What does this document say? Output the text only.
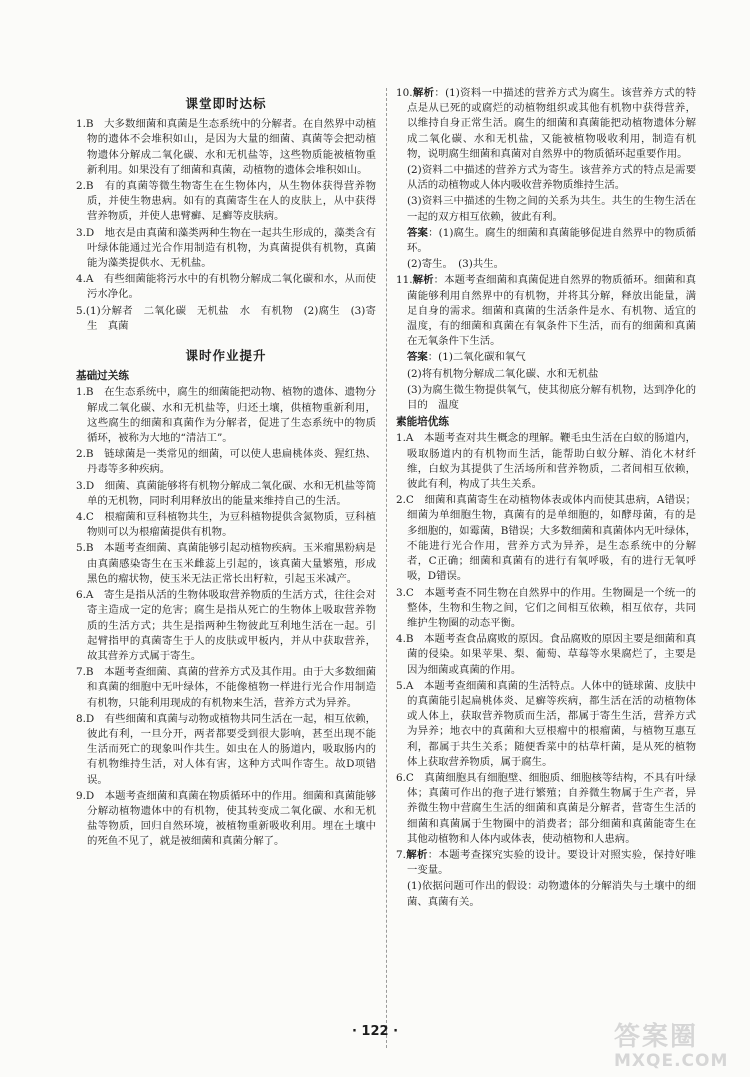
课堂即时达标

1.B　大多数细菌和真菌是生态系统中的分解者。在自然界中动植物的遗体不会堆积如山，是因为大量的细菌、真菌等会把动植物遗体分解成二氧化碳、水和无机盐等，这些物质能被植物重新利用。如果没有了细菌和真菌，动植物的遗体会堆积如山。

2.B　有的真菌等微生物寄生在生物体内，从生物体获得营养物质，并使生物患病。如有的真菌寄生在人的皮肤上，从中获得营养物质，并使人患臂癣、足癣等皮肤病。

3.D　地衣是由真菌和藻类两种生物在一起共生形成的，藻类含有叶绿体能通过光合作用制造有机物，为真菌提供有机物，真菌能为藻类提供水、无机盐。

4.A　有些细菌能将污水中的有机物分解成二氧化碳和水，从而使污水净化。

5.(1)分解者　二氧化碳　无机盐　水　有机物　(2)腐生　(3)寄生　真菌

课时作业提升
基础过关练

1.B　在生态系统中，腐生的细菌能把动物、植物的遗体、遗物分解成二氧化碳、水和无机盐等，归还土壤，供植物重新利用，这些腐生的细菌和真菌作为分解者，促进了生态系统中的物质循环，被称为大地的“清洁工”。

2.B　链球菌是一类常见的细菌，可以使人患扁桃体炎、猩红热、丹毒等多种疾病。

3.D　细菌、真菌能够将有机物分解成二氧化碳、水和无机盐等简单的无机物，同时利用释放出的能量来维持自己的生活。

4.C　根瘤菌和豆科植物共生，为豆科植物提供含氮物质，豆科植物则可以为根瘤菌提供有机物。

5.B　本题考查细菌、真菌能够引起动植物疾病。玉米瘤黑粉病是由真菌感染寄生在玉米雌蕊上引起的，该真菌大量繁殖，形成黑色的瘤状物，使玉米无法正常长出籽粒，引起玉米减产。

6.A　寄生是指从活的生物体吸取营养物质的生活方式，往往会对寄主造成一定的危害；腐生是指从死亡的生物体上吸取营养物质的生活方式；共生是指两种生物彼此互利地生活在一起。引起臂指甲的真菌寄生于人的皮肤或甲板内，并从中获取营养，故其营养方式属于寄生。

7.B　本题考查细菌、真菌的营养方式及其作用。由于大多数细菌和真菌的细胞中无叶绿体，不能像植物一样进行光合作用制造有机物，只能利用现成的有机物来生活，营养方式为异养。

8.D　有些细菌和真菌与动物或植物共同生活在一起，相互依赖，彼此有利，一旦分开，两者都要受到很大影响，甚至出现不能生活而死亡的现象叫作共生。如虫在人的肠道内，吸取肠内的有机物维持生活，对人体有害，这种方式叫作寄生。故D项错误。

9.D　本题考查细菌和真菌在物质循环中的作用。细菌和真菌能够分解动植物遗体中的有机物，使其转变成二氧化碳、水和无机盐等物质，回归自然环境，被植物重新吸收利用。埋在土壤中的死鱼不见了，就是被细菌和真菌分解了。

10.解析：(1)资料一中描述的营养方式为腐生。该营养方式的特点是从已死的或腐烂的动植物组织或其他有机物中获得营养，以维持自身正常生活。腐生的细菌和真菌能把动植物遗体分解成二氧化碳、水和无机盐，又能被植物吸收利用，制造有机物，说明腐生细菌和真菌对自然界中的物质循环起重要作用。

(2)资料二中描述的营养方式为寄生。该营养方式的特点是需要从活的动植物或人体内吸收营养物质维持生活。

(3)资料三中描述的生物之间的关系为共生。共生的生物生活在一起的双方相互依赖，彼此有利。

答案：(1)腐生。腐生的细菌和真菌能够促进自然界中的物质循环。

(2)寄生。　(3)共生。

11.解析：本题考查细菌和真菌促进自然界的物质循环。细菌和真菌能够利用自然界中的有机物，并将其分解，释放出能量，满足自身的需求。细菌和真菌的生活条件是水、有机物、适宜的温度，有的细菌和真菌在有氧条件下生活，而有的细菌和真菌在无氧条件下生活。

答案：(1)二氧化碳和氧气

(2)将有机物分解成二氧化碳、水和无机盐

(3)为腐生微生物提供氧气，使其彻底分解有机物，达到净化的目的　温度

素能培优练

1.A　本题考查对共生概念的理解。鞭毛虫生活在白蚁的肠道内，吸取肠道内的有机物而生活，能帮助白蚁分解、消化木材纤维，白蚁为其提供了生活场所和营养物质，二者间相互依赖，彼此有利，构成了共生关系。

2.C　细菌和真菌寄生在动植物体表或体内而使其患病，A错误；细菌为单细胞生物，真菌有的是单细胞的，如酵母菌，有的是多细胞的，如霉菌，B错误；大多数细菌和真菌体内无叶绿体，不能进行光合作用，营养方式为异养，是生态系统中的分解者，C正确；细菌和真菌有的进行有氧呼吸，有的进行无氧呼吸，D错误。

3.C　本题考查不同生物在自然界中的作用。生物圈是一个统一的整体，生物和生物之间，它们之间相互依赖，相互依存，共同维护生物圈的动态平衡。

4.B　本题考查食品腐败的原因。食品腐败的原因主要是细菌和真菌的侵染。如果苹果、梨、葡萄、草莓等水果腐烂了，主要是因为细菌或真菌的作用。

5.A　本题考查细菌和真菌的生活特点。人体中的链球菌、皮肤中的真菌能引起扁桃体炎、足癣等疾病，都生活在活的动植物体或人体上，获取营养物质而生活，都属于寄生生活，营养方式为异养；地衣中的真菌和大豆根瘤中的根瘤菌，与植物互惠互利，都属于共生关系；随便香菜中的枯草杆菌，是从死的植物体上获取营养物质，属于腐生。

6.C　真菌细胞具有细胞壁、细胞质、细胞核等结构，不具有叶绿体；真菌可作出的孢子进行繁殖；自养微生物属于生产者，异养微生物中营腐生生活的细菌和真菌是分解者，营寄生生活的细菌和真菌属于生物圈中的消费者；部分细菌和真菌能寄生在其他动植物和人体内或体表，使动植物和人患病。

7.解析：本题考查探究实验的设计。要设计对照实验，保持好唯一变量。

(1)依据问题可作出的假设：动物遗体的分解消失与土壤中的细菌、真菌有关。

· 122 ·	答案圈
MXQE.COM
